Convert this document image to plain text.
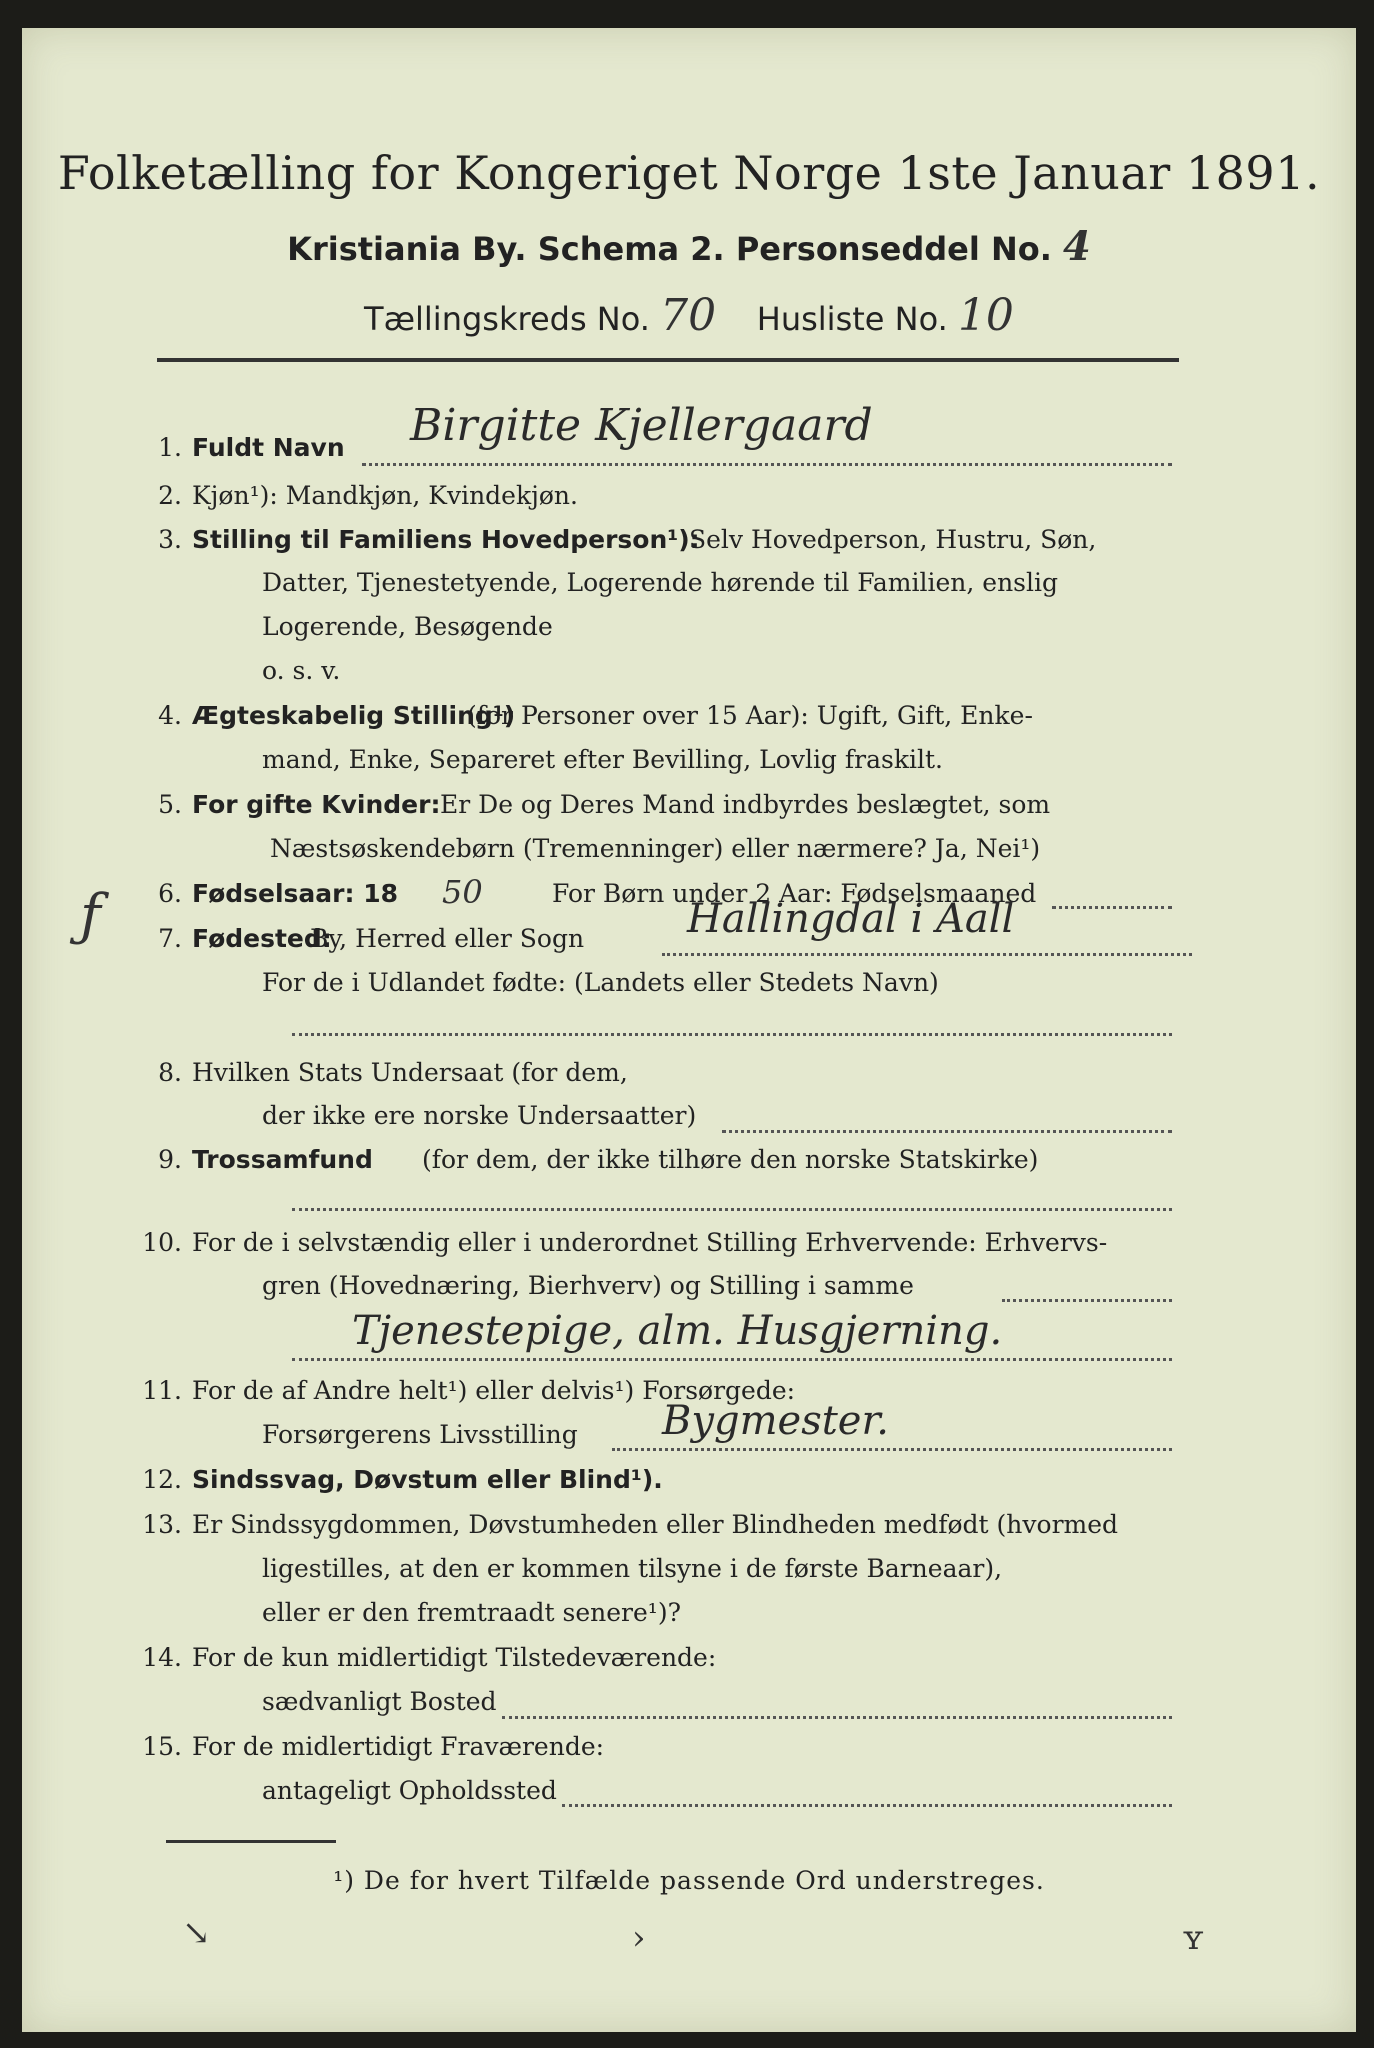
Folketælling for Kongeriget Norge 1ste Januar 1891.
Kristiania By. Schema 2. Personseddel No. 4
Tællingskreds No. 70 Husliste No. 10
1. Fuldt Navn Birgitte Kjellergaard
2. Kjøn¹): Mandkjøn, Kvindekjøn.
3. Stilling til Familiens Hovedperson¹):
Selv Hovedperson, Hustru, Søn,
Datter, Tjenestetyende, Logerende hørende til Familien, enslig
Logerende, Besøgende
o. s. v.
4. Ægteskabelig Stilling¹)
(for Personer over 15 Aar): Ugift, Gift, Enke-
mand, Enke, Separeret efter Bevilling, Lovlig fraskilt.
5. For gifte Kvinder: Er De og Deres Mand indbyrdes beslægtet, som
Næstsøskendebørn (Tremenninger) eller nærmere? Ja, Nei¹)
6. Fødselsaar: 18 50	For Børn under 2 Aar: Fødselsmaaned
7. Fødested:
By, Herred eller Sogn	Hallingdal i Aall
For de i Udlandet fødte: (Landets eller Stedets Navn)
8. Hvilken Stats Undersaat (for dem,
der ikke ere norske Undersaatter)
9. Trossamfund (for dem, der ikke tilhøre den norske Statskirke)
10. For de i selvstændig eller i underordnet Stilling Erhvervende: Erhvervs-
gren (Hovednæring, Bierhverv) og Stilling i samme
Tjenestepige, alm. Husgjerning.
11. For de af Andre helt¹) eller delvis¹) Forsørgede:
Forsørgerens Livsstilling Bygmester.
12. Sindssvag, Døvstum eller Blind¹).
13. Er Sindssygdommen, Døvstumheden eller Blindheden medfødt (hvormed
ligestilles, at den er kommen tilsyne i de første Barneaar),
eller er den fremtraadt senere¹)?
14. For de kun midlertidigt Tilstedeværende:
sædvanligt Bosted
15. For de midlertidigt Fraværende:
antageligt Opholdssted
¹) De for hvert Tilfælde passende Ord understreges.
ƒ
↘	›	ʏ
